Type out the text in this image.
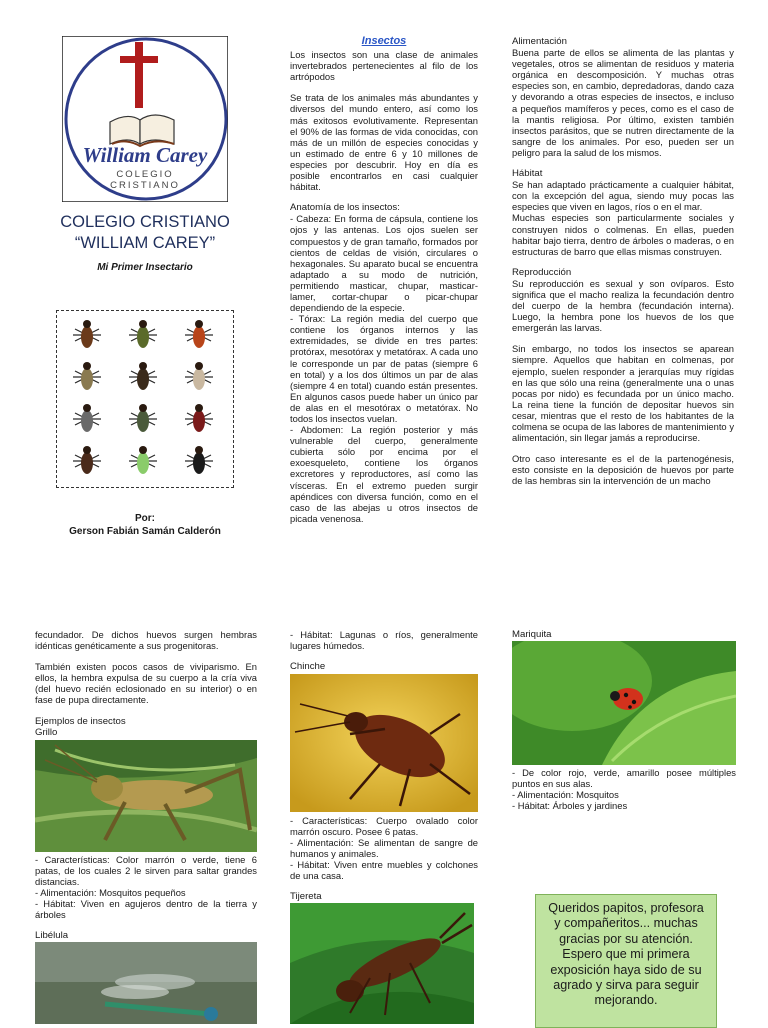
William Carey
COLEGIO
CRISTIANO
COLEGIO CRISTIANO
“WILLIAM CAREY”
Mi Primer Insectario
Por:
Gerson Fabián Samán Calderón
Insectos

Los insectos son una clase de animales invertebrados pertenecientes al filo de los artrópodos

Se trata de los animales más abundantes y diversos del mundo entero, así como los más exitosos evolutivamente. Representan el 90% de las formas de vida conocidas, con más de un millón de especies conocidas y un estimado de entre 6 y 10 millones de especies por descubrir. Hoy en día es posible encontrarlos en casi cualquier hábitat.

Anatomía de los insectos:

- Cabeza: En forma de cápsula, contiene los ojos y las antenas. Los ojos suelen ser compuestos y de gran tamaño, formados por cientos de celdas de visión, circulares o hexagonales. Su aparato bucal se encuentra adaptado a su modo de nutrición, permitiendo masticar, chupar, masticar-lamer, cortar-chupar o picar-chupar dependiendo de la especie.
- Tórax: La región media del cuerpo que contiene los órganos internos y las extremidades, se divide en tres partes: protórax, mesotórax y metatórax. A cada uno le corresponde un par de patas (siempre 6 en total) y a los dos últimos un par de alas (siempre 4 en total) cuando están presentes. En algunos casos puede haber un único par de alas en el mesotórax o metatórax. No todos los insectos vuelan.
- Abdomen: La región posterior y más vulnerable del cuerpo, generalmente cubierta sólo por encima por el exoesqueleto, contiene los órganos excretores y reproductores, así como las vísceras. En el extremo pueden surgir apéndices con diversa función, como en el caso de las abejas u otros insectos de picada venenosa.

Alimentación

Buena parte de ellos se alimenta de las plantas y vegetales, otros se alimentan de residuos y materia orgánica en descomposición. Y muchas otras especies son, en cambio, depredadoras, dando caza y devorando a otras especies de insectos, e incluso a pequeños mamíferos y peces, como es el caso de la mantis religiosa. Por último, existen también insectos parásitos, que se nutren directamente de la sangre de los animales. Por eso, pueden ser un peligro para la salud de los mismos.

Hábitat

Se han adaptado prácticamente a cualquier hábitat, con la excepción del agua, siendo muy pocas las especies que viven en lagos, ríos o en el mar.
Muchas especies son particularmente sociales y construyen nidos o colmenas. En ellas, pueden habitar bajo tierra, dentro de árboles o maderas, o en estructuras de barro que ellas mismas construyen.

Reproducción

Su reproducción es sexual y son ovíparos. Esto significa que el macho realiza la fecundación dentro del cuerpo de la hembra (fecundación interna). Luego, la hembra pone los huevos de los que emergerán las larvas.

Sin embargo, no todos los insectos se aparean siempre. Aquellos que habitan en colmenas, por ejemplo, suelen responder a jerarquías muy rígidas en las que sólo una reina (generalmente una o unas pocas por nido) es fecundada por un único macho. La reina tiene la función de depositar huevos sin cesar, mientras que el resto de los habitantes de la colmena se ocupa de las labores de mantenimiento y alimentación, sin llegar jamás a reproducirse.

Otro caso interesante es el de la partenogénesis, esto consiste en la deposición de huevos por parte de las hembras sin la intervención de un macho

fecundador. De dichos huevos surgen hembras idénticas genéticamente a sus progenitoras.

También existen pocos casos de viviparismo. En ellos, la hembra expulsa de su cuerpo a la cría viva (del huevo recién eclosionado en su interior) o en fase de pupa directamente.

Ejemplos de insectos
Grillo
- Características: Color marrón o verde, tiene 6 patas, de los cuales 2 le sirven para saltar grandes distancias.
- Alimentación: Mosquitos pequeños
- Hábitat: Viven en agujeros dentro de la tierra y árboles
Libélula

- Hábitat: Lagunas o ríos, generalmente lugares húmedos.

Chinche
- Características: Cuerpo ovalado color marrón oscuro. Posee 6 patas.
- Alimentación: Se alimentan de sangre de humanos y animales.
- Hábitat: Viven entre muebles y colchones de una casa.
Tijereta
Mariquita
- De color rojo, verde, amarillo posee múltiples puntos en sus alas.
- Alimentación: Mosquitos
- Hábitat: Árboles y jardines
Queridos papitos, profesora y compañeritos... muchas gracias por su atención. Espero que mi primera exposición haya sido de su agrado y sirva para seguir mejorando.
